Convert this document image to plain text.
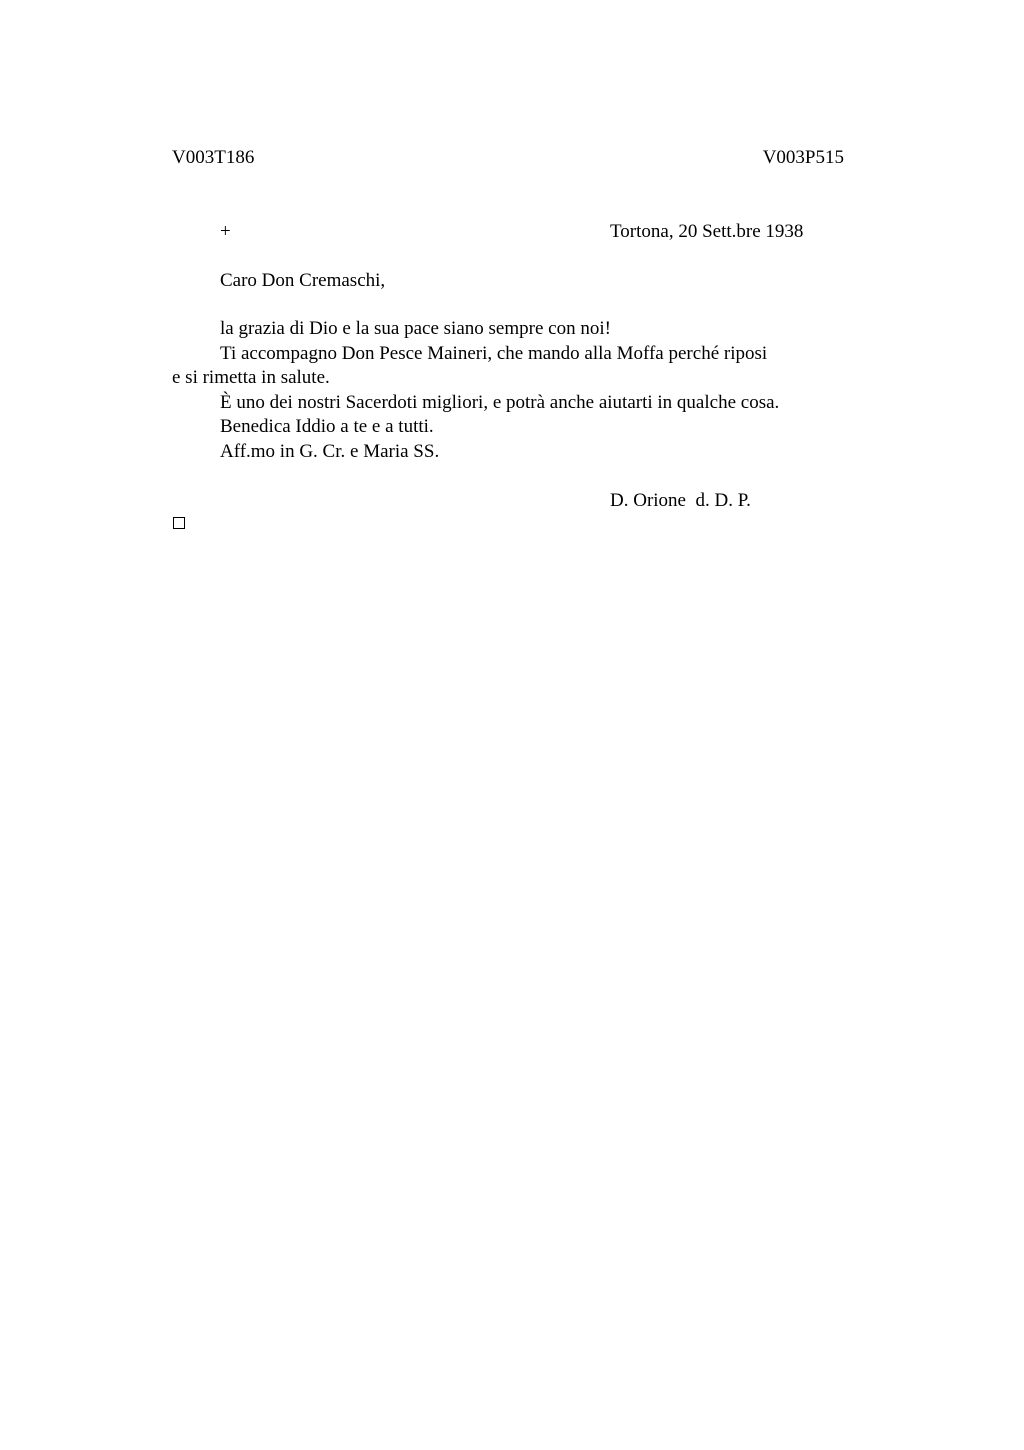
V003T186	V003P515
+	Tortona, 20 Sett.bre 1938
Caro Don Cremaschi,
la grazia di Dio e la sua pace siano sempre con noi!
Ti accompagno Don Pesce Maineri, che mando alla Moffa perché riposi
e si rimetta in salute.
È uno dei nostri Sacerdoti migliori, e potrà anche aiutarti in qualche cosa.
Benedica Iddio a te e a tutti.
Aff.mo in G. Cr. e Maria SS.
D. Orione  d. D. P.
